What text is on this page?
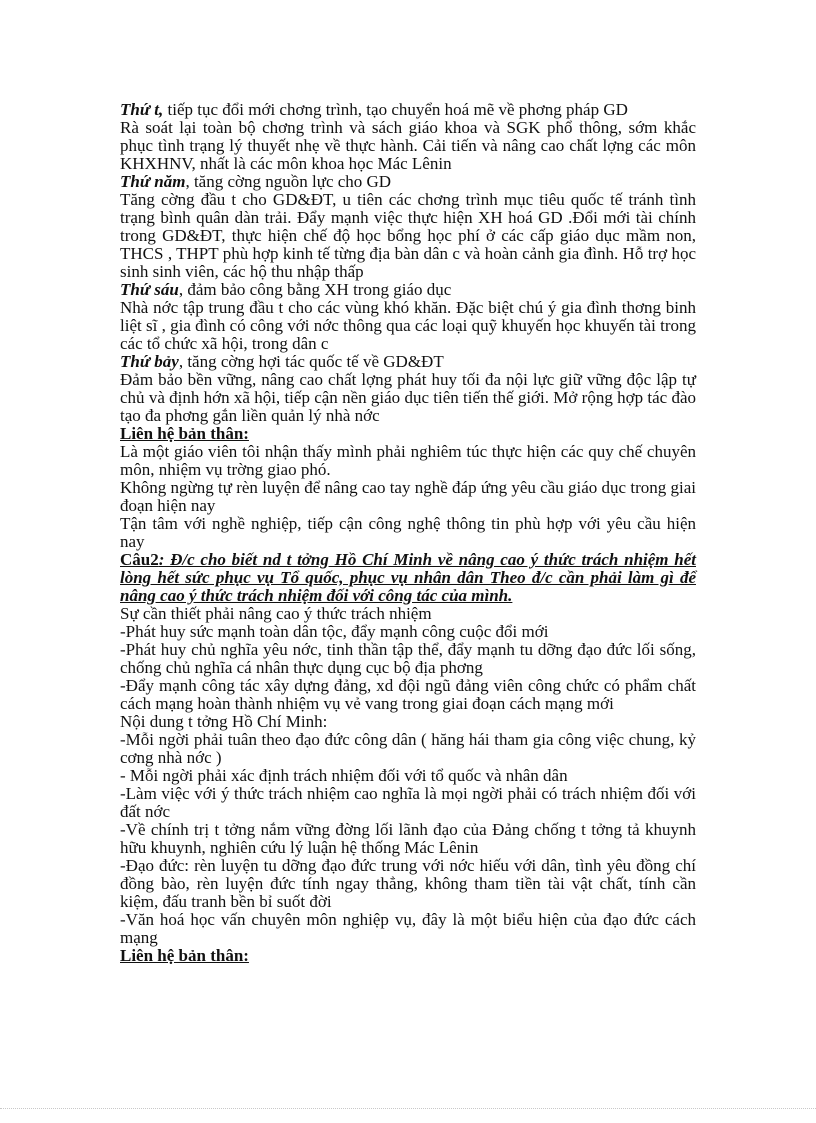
Thứ t, tiếp tục đổi mới chơng trình, tạo chuyển hoá mẽ về phơng pháp GD

Rà soát lại toàn bộ chơng trình và sách giáo khoa và SGK phổ thông, sớm khắc phục tình trạng lý thuyết nhẹ về thực hành. Cải tiến và nâng cao chất lợng các môn KHXHNV, nhất là các môn khoa học Mác Lênin

Thứ năm, tăng cờng nguồn lực cho GD

Tăng cờng đầu t cho GD&ĐT, u tiên các chơng trình mục tiêu quốc tế tránh tình trạng bình quân dàn trải. Đẩy mạnh việc thực hiện XH hoá GD .Đổi mới tài chính trong GD&ĐT, thực hiện chế độ học bổng học phí ở các cấp giáo dục mầm non, THCS , THPT phù hợp kinh tế từng địa bàn dân c và hoàn cảnh gia đình. Hỗ trợ học sinh sinh viên, các hộ thu nhập thấp

Thứ sáu, đảm bảo công bằng XH trong giáo dục

Nhà nớc tập trung đầu t cho các vùng khó khăn. Đặc biệt chú ý gia đình thơng binh liệt sĩ , gia đình có công với nớc thông qua các loại quỹ khuyến học khuyến tài trong các tổ chức xã hội, trong dân c

Thứ bảy, tăng cờng hợi tác quốc tế về GD&ĐT

Đảm bảo bền vững, nâng cao chất lợng phát huy tối đa nội lực giữ vững độc lập tự chủ và định hớn xã hội, tiếp cận nền giáo dục tiên tiến thế giới. Mở rộng hợp tác đào tạo đa phơng gắn liền quản lý nhà nớc

Liên hệ bản thân:

Là một giáo viên tôi nhận thấy mình phải nghiêm túc thực hiện các quy chế chuyên môn, nhiệm vụ trờng giao phó.

Không ngừng tự rèn luyện để nâng cao tay nghề đáp ứng yêu cầu giáo dục trong giai đoạn hiện nay

Tận tâm với nghề nghiệp, tiếp cận công nghệ thông tin phù hợp với yêu cầu hiện nay

Câu2: Đ/c cho biết nd t tởng Hồ Chí Minh về nâng cao ý thức trách nhiệm hết lòng hết sức phục vụ Tổ quốc, phục vụ nhân dân Theo đ/c cần phải làm gì để nâng cao ý thức trách nhiệm đối với công tác của mình.

Sự cần thiết phải nâng cao ý thức trách nhiệm

-Phát huy sức mạnh toàn dân tộc, đẩy mạnh công cuộc đổi mới

-Phát huy chủ nghĩa yêu nớc, tinh thần tập thể, đẩy mạnh tu dỡng đạo đức lối sống, chống chủ nghĩa cá nhân thực dụng cục bộ địa phơng

-Đẩy mạnh công tác xây dựng đảng, xd đội ngũ đảng viên công chức có phẩm chất cách mạng hoàn thành nhiệm vụ vẻ vang trong giai đoạn cách mạng mới

Nội dung t tởng Hồ Chí Minh:

-Mỗi ngời phải tuân theo đạo đức công dân ( hăng hái tham gia công việc chung, kỷ cơng nhà nớc )

- Mỗi ngời phải xác định trách nhiệm đối với tổ quốc và nhân dân

-Làm việc với ý thức trách nhiệm cao nghĩa là mọi ngời phải có trách nhiệm đối với đất nớc

-Về chính trị t tởng nắm vững đờng lối lãnh đạo của Đảng chống t tởng tả khuynh hữu khuynh, nghiên cứu lý luận hệ thống Mác Lênin

-Đạo đức: rèn luyện tu dỡng đạo đức trung với nớc hiếu với dân, tình yêu đồng chí đồng bào, rèn luyện đức tính ngay thẳng, không tham tiền tài vật chất, tính cần kiệm, đấu tranh bền bỉ suốt đời

-Văn hoá học vấn chuyên môn nghiệp vụ, đây là một biểu hiện của đạo đức cách mạng

Liên hệ bản thân:
